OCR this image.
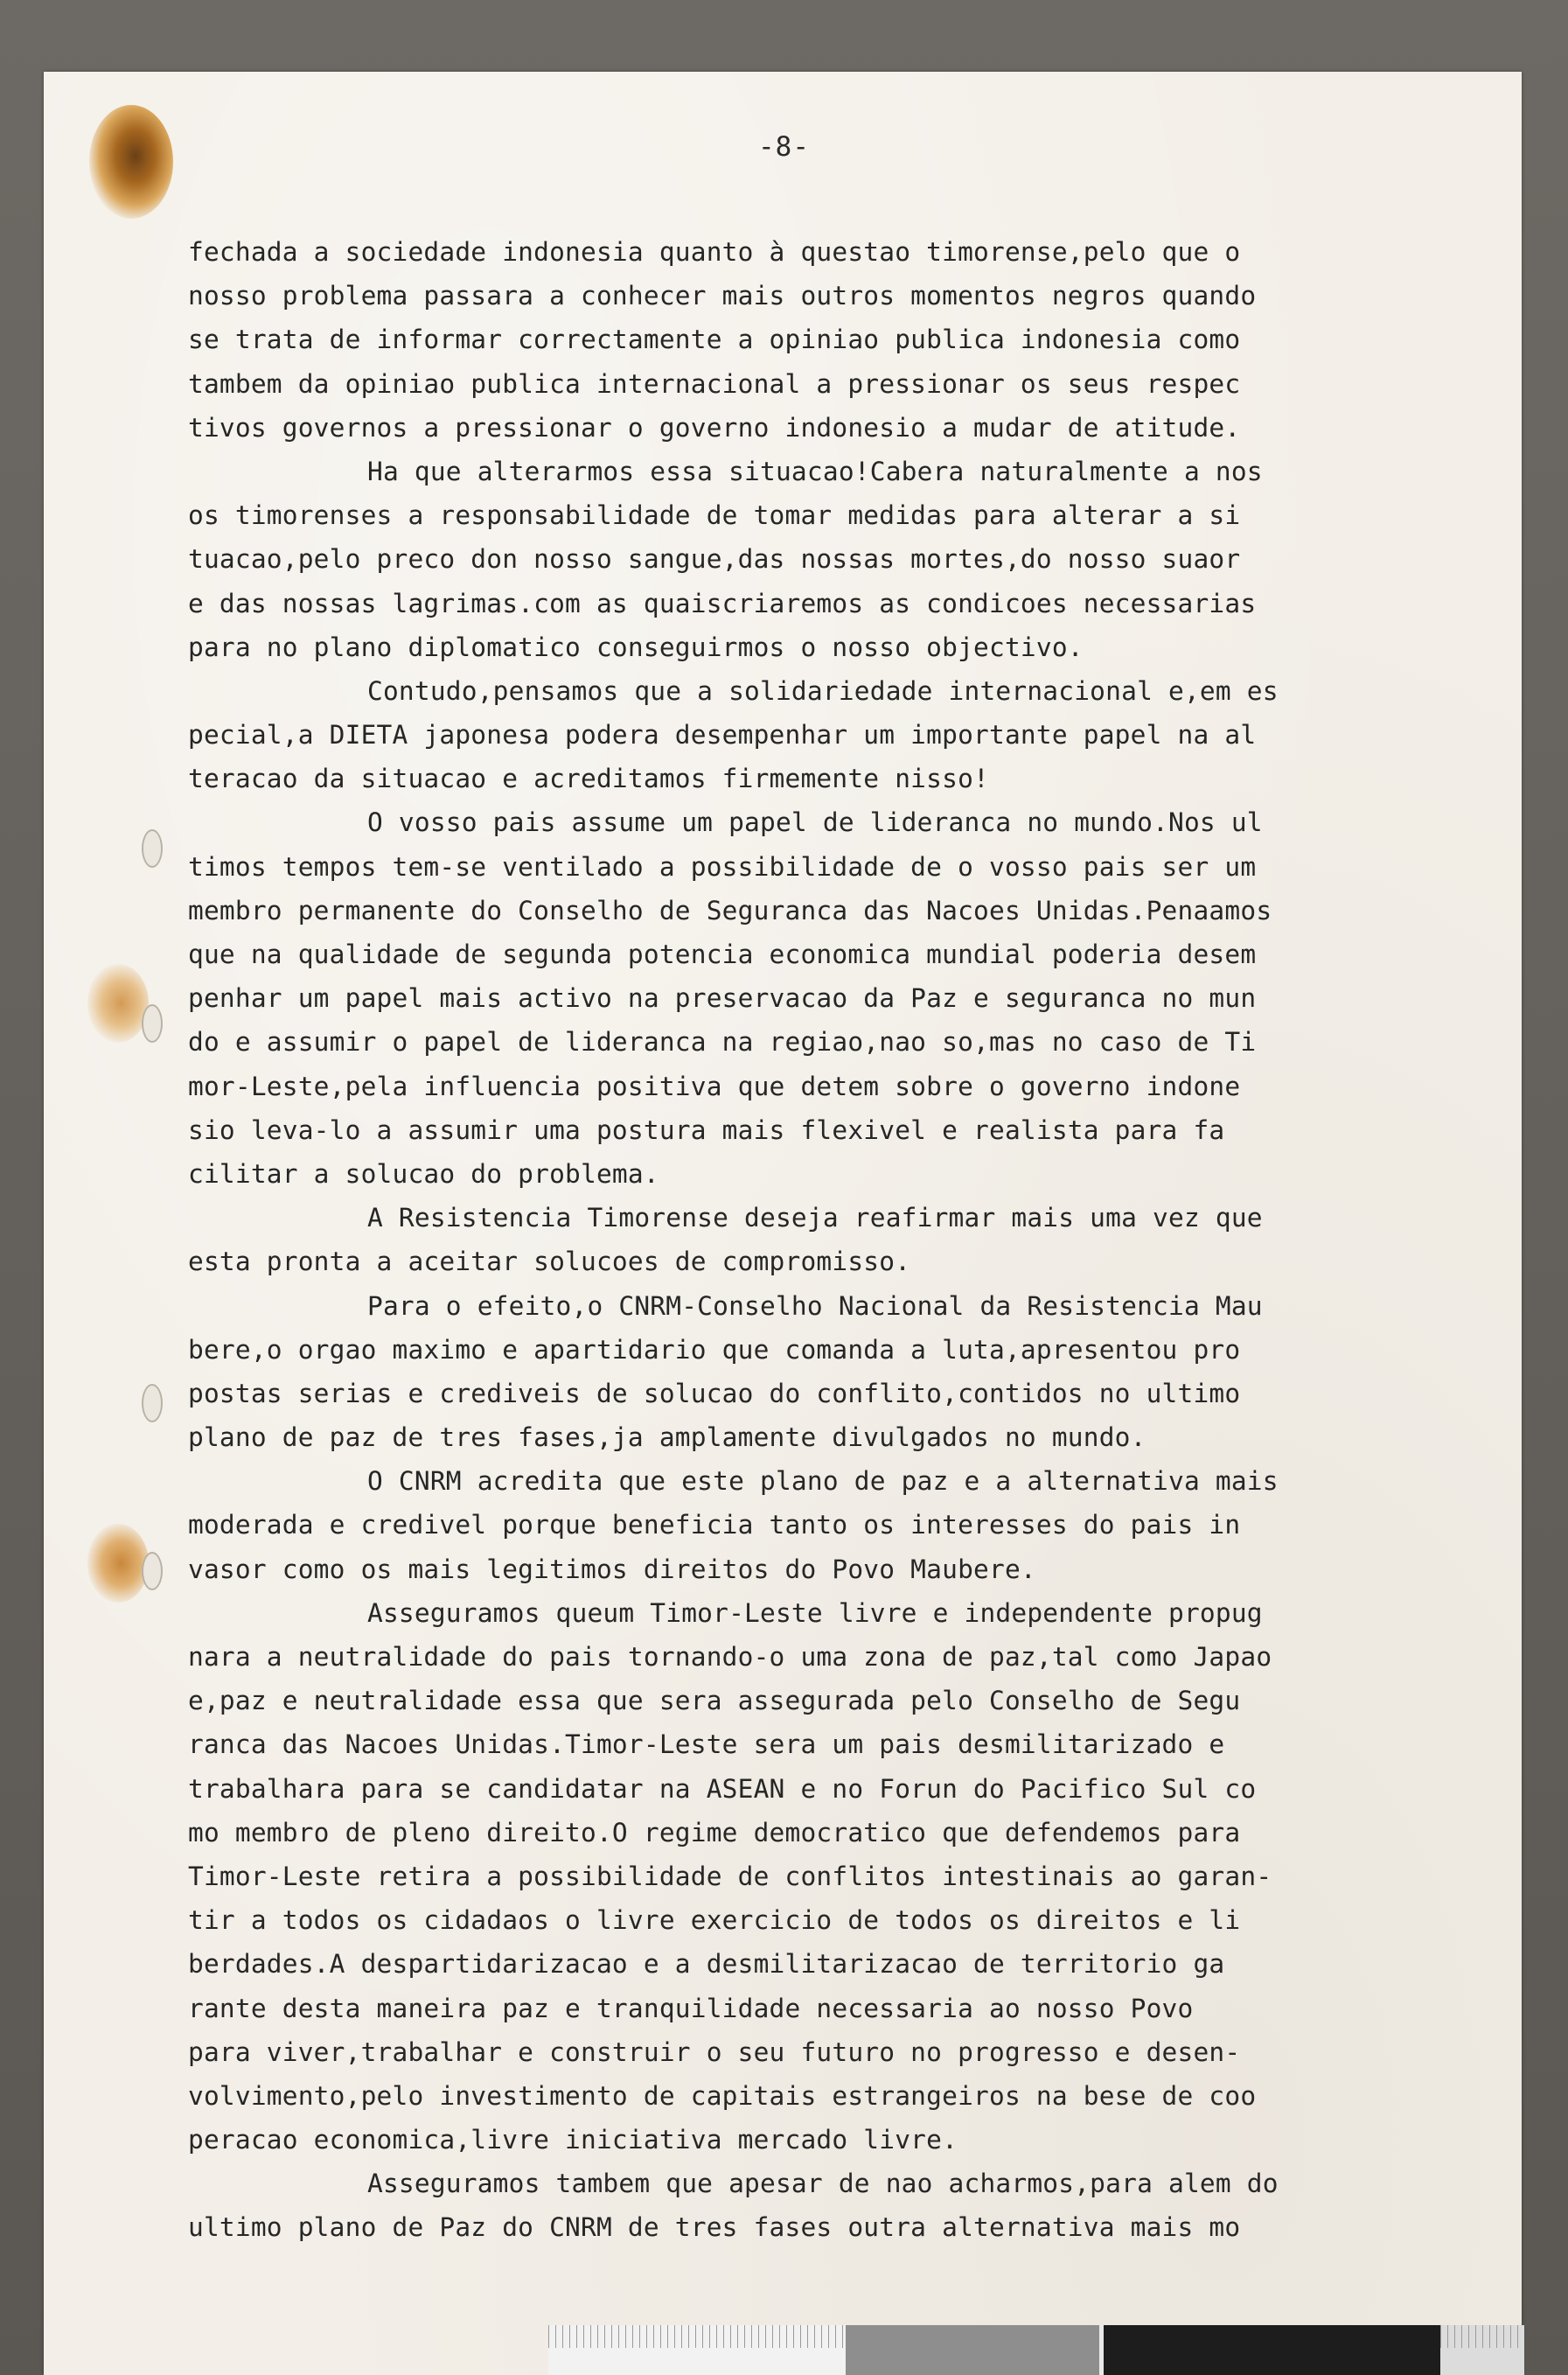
-8-
fechada a sociedade indonesia quanto à questao timorense,pelo que o
nosso problema passara a conhecer mais outros momentos negros quando
se trata de informar correctamente a opiniao publica indonesia como
tambem da opiniao publica internacional a pressionar os seus respec
tivos governos a pressionar o governo indonesio a mudar de atitude.
Ha que alterarmos essa situacao!Cabera naturalmente a nos
os timorenses a responsabilidade de tomar medidas para alterar a si
tuacao,pelo preco don nosso sangue,das nossas mortes,do nosso suaor
e das nossas lagrimas.com as quaiscriaremos as condicoes necessarias
para no plano diplomatico conseguirmos o nosso objectivo.
Contudo,pensamos que a solidariedade internacional e,em es
pecial,a DIETA japonesa podera desempenhar um importante papel na al
teracao da situacao e acreditamos firmemente nisso!
O vosso pais assume um papel de lideranca no mundo.Nos ul
timos tempos tem-se ventilado a possibilidade de o vosso pais ser um
membro permanente do Conselho de Seguranca das Nacoes Unidas.Penaamos
que na qualidade de segunda potencia economica mundial poderia desem
penhar um papel mais activo na preservacao da Paz e seguranca no mun
do e assumir o papel de lideranca na regiao,nao so,mas no caso de Ti
mor-Leste,pela influencia positiva que detem sobre o governo indone
sio leva-lo a assumir uma postura mais flexivel e realista para fa
cilitar a solucao do problema.
A Resistencia Timorense deseja reafirmar mais uma vez que
esta pronta a aceitar solucoes de compromisso.
Para o efeito,o CNRM-Conselho Nacional da Resistencia Mau
bere,o orgao maximo e apartidario que comanda a luta,apresentou pro
postas serias e crediveis de solucao do conflito,contidos no ultimo
plano de paz de tres fases,ja amplamente divulgados no mundo.
O CNRM acredita que este plano de paz e a alternativa mais
moderada e credivel porque beneficia tanto os interesses do pais in
vasor como os mais legitimos direitos do Povo Maubere.
Asseguramos queum Timor-Leste livre e independente propug
nara a neutralidade do pais tornando-o uma zona de paz,tal como Japao
e,paz e neutralidade essa que sera assegurada pelo Conselho de Segu
ranca das Nacoes Unidas.Timor-Leste sera um pais desmilitarizado e
trabalhara para se candidatar na ASEAN e no Forun do Pacifico Sul co
mo membro de pleno direito.O regime democratico que defendemos para
Timor-Leste retira a possibilidade de conflitos intestinais ao garan-
tir a todos os cidadaos o livre exercicio de todos os direitos e li
berdades.A despartidarizacao e a desmilitarizacao de territorio ga
rante desta maneira paz e tranquilidade necessaria ao nosso Povo
para viver,trabalhar e construir o seu futuro no progresso e desen-
volvimento,pelo investimento de capitais estrangeiros na bese de coo
peracao economica,livre iniciativa mercado livre.
Asseguramos tambem que apesar de nao acharmos,para alem do
ultimo plano de Paz do CNRM de tres fases outra alternativa mais mo
